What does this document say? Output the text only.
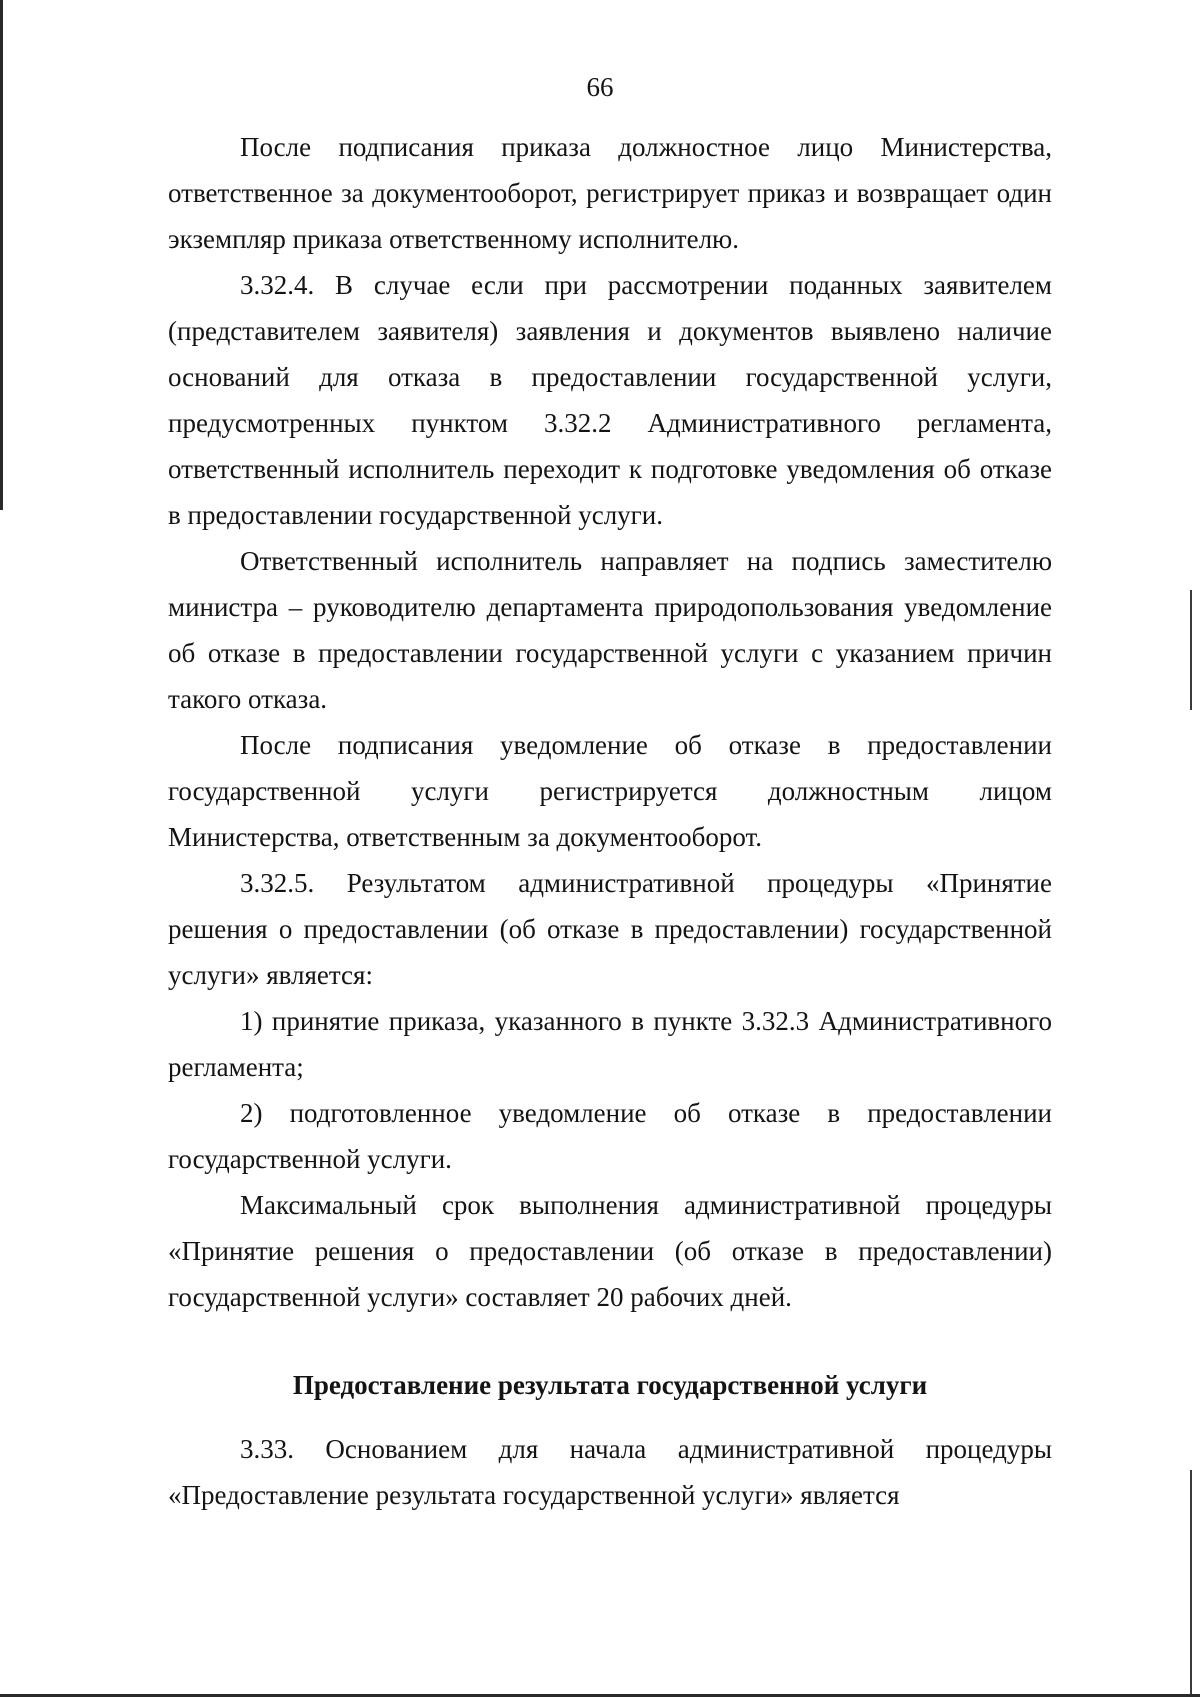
66

После подписания приказа должностное лицо Министерства, ответственное за документооборот, регистрирует приказ и возвращает один экземпляр приказа ответственному исполнителю.

3.32.4. В случае если при рассмотрении поданных заявителем (представителем заявителя) заявления и документов выявлено наличие оснований для отказа в предоставлении государственной услуги, предусмотренных пунктом 3.32.2 Административного регламента, ответственный исполнитель переходит к подготовке уведомления об отказе в предоставлении государственной услуги.

Ответственный исполнитель направляет на подпись заместителю министра – руководителю департамента природопользования уведомление об отказе в предоставлении государственной услуги с указанием причин такого отказа.

После подписания уведомление об отказе в предоставлении государственной услуги регистрируется должностным лицом Министерства, ответственным за документооборот.

3.32.5. Результатом административной процедуры «Принятие решения о предоставлении (об отказе в предоставлении) государственной услуги» является:

1) принятие приказа, указанного в пункте 3.32.3 Административного регламента;

2) подготовленное уведомление об отказе в предоставлении государственной услуги.

Максимальный срок выполнения административной процедуры «Принятие решения о предоставлении (об отказе в предоставлении) государственной услуги» составляет 20 рабочих дней.

Предоставление результата государственной услуги

3.33. Основанием для начала административной процедуры «Предоставление результата государственной услуги» является
